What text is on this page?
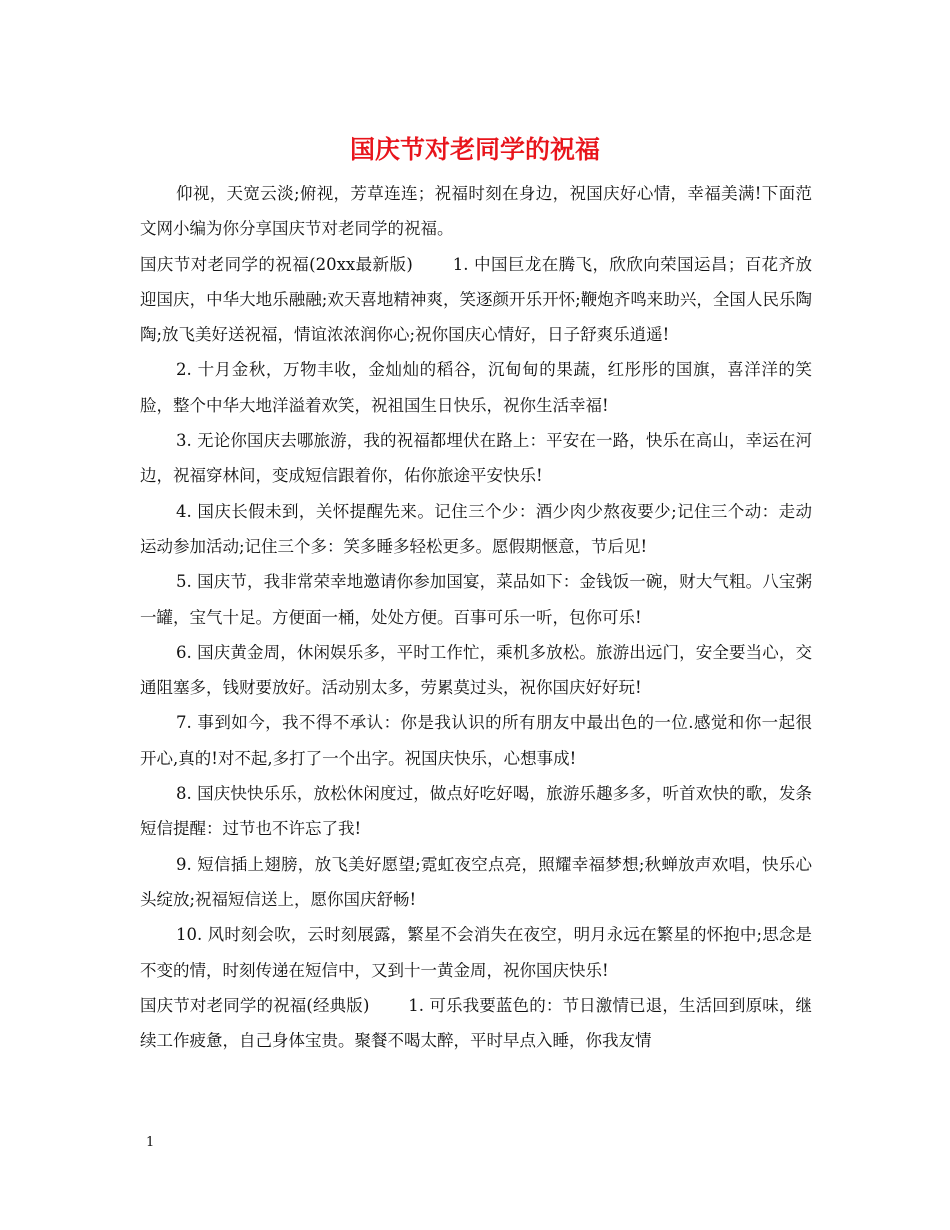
国庆节对老同学的祝福

仰视，天宽云淡;俯视，芳草连连；祝福时刻在身边，祝国庆好心情，幸福美满!下面范文网小编为你分享国庆节对老同学的祝福。

国庆节对老同学的祝福(20xx最新版)　　 1. 中国巨龙在腾飞，欣欣向荣国运昌；百花齐放迎国庆，中华大地乐融融;欢天喜地精神爽，笑逐颜开乐开怀;鞭炮齐鸣来助兴，全国人民乐陶陶;放飞美好送祝福，情谊浓浓润你心;祝你国庆心情好，日子舒爽乐逍遥!

2. 十月金秋，万物丰收，金灿灿的稻谷，沉甸甸的果蔬，红彤彤的国旗，喜洋洋的笑脸，整个中华大地洋溢着欢笑，祝祖国生日快乐，祝你生活幸福!

3. 无论你国庆去哪旅游，我的祝福都埋伏在路上：平安在一路，快乐在高山，幸运在河边，祝福穿林间，变成短信跟着你，佑你旅途平安快乐!

4. 国庆长假未到，关怀提醒先来。记住三个少：酒少肉少熬夜要少;记住三个动：走动运动参加活动;记住三个多：笑多睡多轻松更多。愿假期惬意，节后见!

5. 国庆节，我非常荣幸地邀请你参加国宴，菜品如下：金钱饭一碗，财大气粗。八宝粥一罐，宝气十足。方便面一桶，处处方便。百事可乐一听，包你可乐!

6. 国庆黄金周，休闲娱乐多，平时工作忙，乘机多放松。旅游出远门，安全要当心，交通阻塞多，钱财要放好。活动别太多，劳累莫过头，祝你国庆好好玩!

7. 事到如今，我不得不承认：你是我认识的所有朋友中最出色的一位.感觉和你一起很开心,真的!对不起,多打了一个出字。祝国庆快乐，心想事成!

8. 国庆快快乐乐，放松休闲度过，做点好吃好喝，旅游乐趣多多，听首欢快的歌，发条短信提醒：过节也不许忘了我!

9. 短信插上翅膀，放飞美好愿望;霓虹夜空点亮，照耀幸福梦想;秋蝉放声欢唱，快乐心头绽放;祝福短信送上，愿你国庆舒畅!

10. 风时刻会吹，云时刻展露，繁星不会消失在夜空，明月永远在繁星的怀抱中;思念是不变的情，时刻传递在短信中，又到十一黄金周，祝你国庆快乐!

国庆节对老同学的祝福(经典版)　　 1. 可乐我要蓝色的：节日激情已退，生活回到原味，继续工作疲惫，自己身体宝贵。聚餐不喝太醉，平时早点入睡，你我友情

1
